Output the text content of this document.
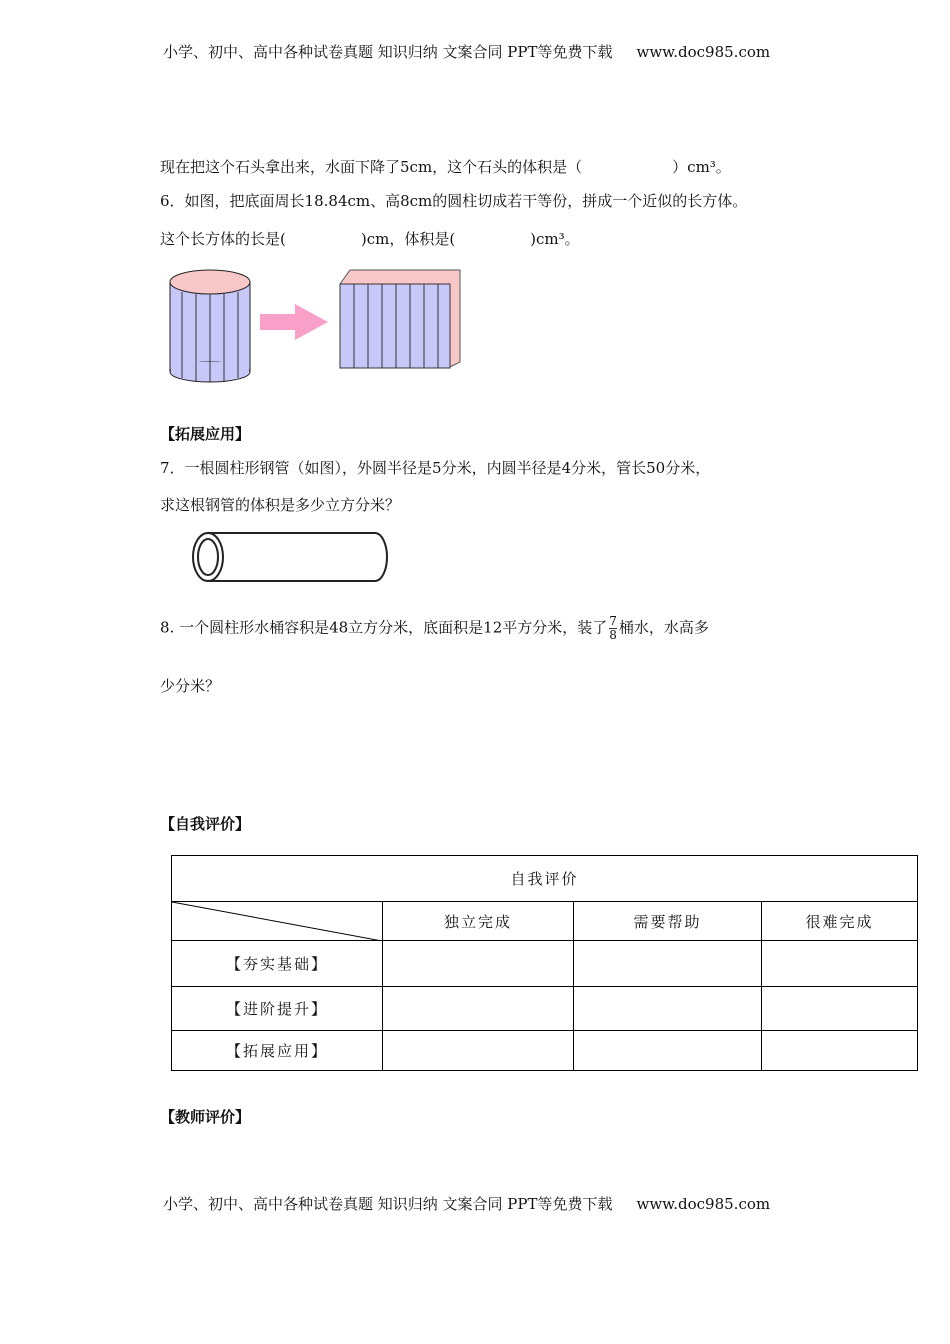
小学、初中、高中各种试卷真题 知识归纳 文案合同 PPT等免费下载 www.doc985.com
现在把这个石头拿出来，水面下降了5cm，这个石头的体积是（　　　　　　）cm³。
6．如图，把底面周长18.84cm、高8cm的圆柱切成若干等份，拼成一个近似的长方体。
这个长方体的长是(　　　　　)cm，体积是(　　　　　)cm³。
【拓展应用】
7．一根圆柱形钢管（如图），外圆半径是5分米，内圆半径是4分米，管长50分米，
求这根钢管的体积是多少立方分米？
8. 一个圆柱形水桶容积是48立方分米，底面积是12平方分米，装了 $\frac{7}{8}$ 桶水，水高多
少分米？
【自我评价】
自我评价			

	独立完成	需要帮助	很难完成
【夯实基础】			
【进阶提升】			
【拓展应用】			
【教师评价】
小学、初中、高中各种试卷真题 知识归纳 文案合同 PPT等免费下载 www.doc985.com
